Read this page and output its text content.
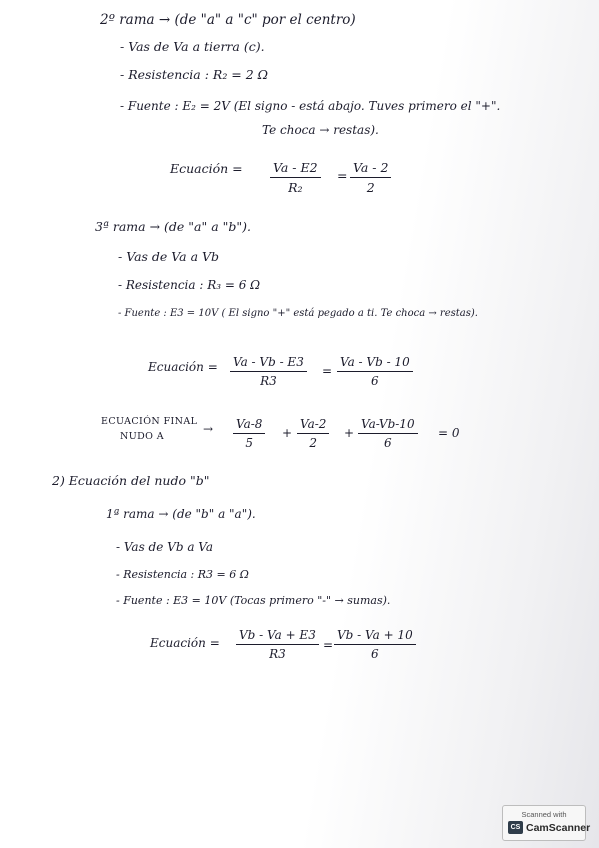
2º rama → (de "a" a "c" por el centro)
- Vas de Va a tierra (c).
- Resistencia : R₂ = 2 Ω
- Fuente : E₂ = 2V (El signo - está abajo. Tuves primero el "+".
Te choca → restas).
Ecuación = Va - E2
R₂
=
Va - 2
2
3ª rama → (de "a" a "b").
- Vas de Va a Vb
- Resistencia : R₃ = 6 Ω
- Fuente : E3 = 10V ( El signo "+" está pegado a ti. Te choca → restas).
Ecuación = Va - Vb - E3
R3
=
Va - Vb - 10
6
ECUACIÓN FINAL
NUDO A
→ Va-8
5
+
Va-2
2
+
Va-Vb-10
6
= 0
2) Ecuación del nudo "b"
1ª rama → (de "b" a "a").
- Vas de Vb a Va
- Resistencia : R3 = 6 Ω
- Fuente : E3 = 10V (Tocas primero "-" → sumas).
Ecuación =
Vb - Va + E3
R3
=
Vb - Va + 10
6
Scanned with
CS CamScanner
